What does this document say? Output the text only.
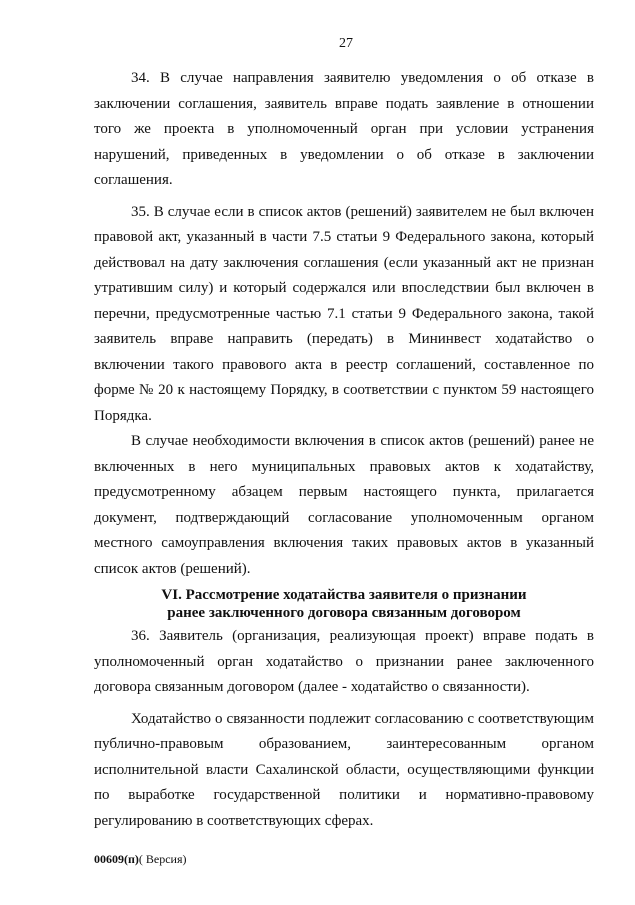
27

34. В случае направления заявителю уведомления о об отказе в заключении соглашения, заявитель вправе подать заявление в отношении того же проекта в уполномоченный орган при условии устранения нарушений, приведенных в уведомлении о об отказе в заключении соглашения.

35. В случае если в список актов (решений) заявителем не был включен правовой акт, указанный в части 7.5 статьи 9 Федерального закона, который действовал на дату заключения соглашения (если указанный акт не признан утратившим силу) и который содержался или впоследствии был включен в перечни, предусмотренные частью 7.1 статьи 9 Федерального закона, такой заявитель вправе направить (передать) в Мининвест ходатайство о включении такого правового акта в реестр соглашений, составленное по форме № 20 к настоящему Порядку, в соответствии с пунктом 59 настоящего Порядка.

В случае необходимости включения в список актов (решений) ранее не включенных в него муниципальных правовых актов к ходатайству, предусмотренному абзацем первым настоящего пункта, прилагается документ, подтверждающий согласование уполномоченным органом местного самоуправления включения таких правовых актов в указанный список актов (решений).

VI. Рассмотрение ходатайства заявителя о признании
ранее заключенного договора связанным договором

36. Заявитель (организация, реализующая проект) вправе подать в уполномоченный орган ходатайство о признании ранее заключенного договора связанным договором (далее - ходатайство о связанности).

Ходатайство о связанности подлежит согласованию с соответствующим публично-правовым образованием, заинтересованным органом исполнительной власти Сахалинской области, осуществляющими функции по выработке государственной политики и нормативно-правовому регулированию в соответствующих сферах.

00609(п)( Версия)
